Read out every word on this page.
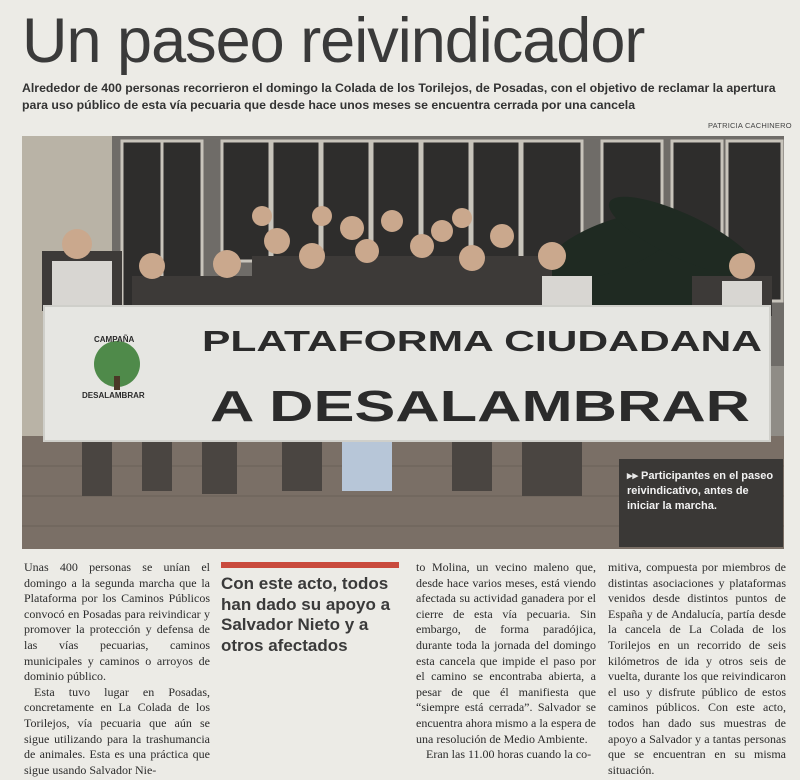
Un paseo reivindicador
Alrededor de 400 personas recorrieron el domingo la Colada de los Torilejos, de Posadas, con el objetivo de reclamar la apertura para uso público de esta vía pecuaria que desde hace unos meses se encuentra cerrada por una cancela
PATRICIA CACHINERO
PLATAFORMA CIUDADANA
A DESALAMBRAR
CAMPAÑA
DESALAMBRAR
▸▸ Participantes en el paseo reivindicativo, antes de iniciar la marcha.

Unas 400 personas se unían el domingo a la segunda marcha que la Plataforma por los Caminos Públicos convocó en Posadas para reivindicar y promover la protección y defensa de las vías pecuarias, caminos municipales y caminos o arroyos de dominio público.

Esta tuvo lugar en Posadas, concretamente en La Colada de los Torilejos, vía pecuaria que aún se sigue utilizando para la trashumancia de animales. Esta es una práctica que sigue usando Salvador Nie-

Con este acto, todos han dado su apoyo a Salvador Nieto y a otros afectados

to Molina, un vecino maleno que, desde hace varios meses, está viendo afectada su actividad ganadera por el cierre de esta vía pecuaria. Sin embargo, de forma paradójica, durante toda la jornada del domingo esta cancela que impide el paso por el camino se encontraba abierta, a pesar de que él manifiesta que “siempre está cerrada”. Salvador se encuentra ahora mismo a la espera de una resolución de Medio Ambiente.

Eran las 11.00 horas cuando la co-

mitiva, compuesta por miembros de distintas asociaciones y plataformas venidos desde distintos puntos de España y de Andalucía, partía desde la cancela de La Colada de los Torilejos en un recorrido de seis kilómetros de ida y otros seis de vuelta, durante los que reivindicaron el uso y disfrute público de estos caminos públicos. Con este acto, todos han dado sus muestras de apoyo a Salvador y a tantas personas que se encuentran en su misma situación.
